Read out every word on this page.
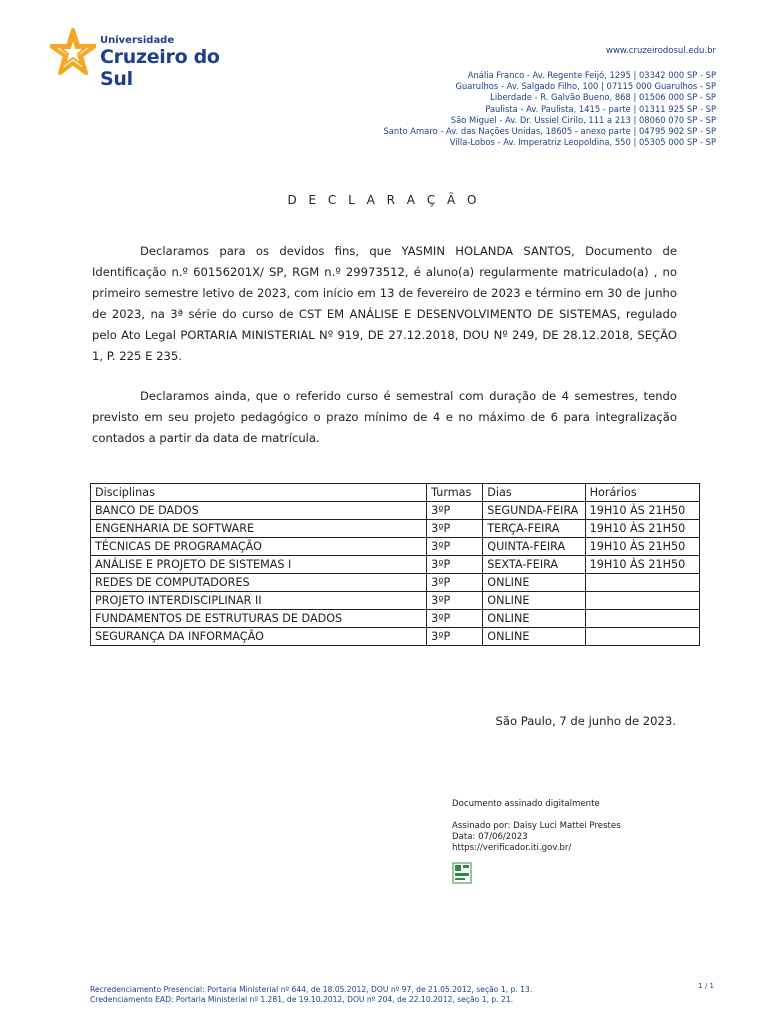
Universidade
Cruzeiro do Sul
www.cruzeirodosul.edu.br
Anália Franco - Av. Regente Feijó, 1295 | 03342 000 SP - SP
Guarulhos - Av. Salgado Filho, 100 | 07115 000 Guarulhos - SP
Liberdade - R. Galvão Bueno, 868 | 01506 000 SP - SP
Paulista - Av. Paulista, 1415 - parte | 01311 925 SP - SP
São Miguel - Av. Dr. Ussiel Cirilo, 111 a 213 | 08060 070 SP - SP
Santo Amaro - Av. das Nações Unidas, 18605 - anexo parte | 04795 902 SP - SP
Villa-Lobos - Av. Imperatriz Leopoldina, 550 | 05305 000 SP - SP
D E C L A R A Ç Ã O
Declaramos para os devidos fins, que YASMIN HOLANDA SANTOS, Documento de Identificação n.º 60156201X/ SP, RGM n.º 29973512, é aluno(a) regularmente matriculado(a) , no primeiro semestre letivo de 2023, com início em 13 de fevereiro de 2023 e término em 30 de junho de 2023, na 3ª série do curso de CST EM ANÁLISE E DESENVOLVIMENTO DE SISTEMAS, regulado pelo Ato Legal PORTARIA MINISTERIAL Nº 919, DE 27.12.2018, DOU Nº 249, DE 28.12.2018, SEÇÃO 1, P. 225 E 235.
Declaramos ainda, que o referido curso é semestral com duração de 4 semestres, tendo previsto em seu projeto pedagógico o prazo mínimo de 4 e no máximo de 6 para integralização contados a partir da data de matrícula.
Disciplinas	Turmas	Dias	Horários
BANCO DE DADOS	3ºP	SEGUNDA-FEIRA	19H10 ÀS 21H50
ENGENHARIA DE SOFTWARE	3ºP	TERÇA-FEIRA	19H10 ÀS 21H50
TÉCNICAS DE PROGRAMAÇÃO	3ºP	QUINTA-FEIRA	19H10 ÀS 21H50
ANÁLISE E PROJETO DE SISTEMAS I	3ºP	SEXTA-FEIRA	19H10 ÀS 21H50
REDES DE COMPUTADORES	3ºP	ONLINE	
PROJETO INTERDISCIPLINAR II	3ºP	ONLINE	
FUNDAMENTOS DE ESTRUTURAS DE DADOS	3ºP	ONLINE	
SEGURANÇA DA INFORMAÇÃO	3ºP	ONLINE	
São Paulo, 7 de junho de 2023.
Documento assinado digitalmente
Assinado por: Daisy Luci Mattei Prestes
Data: 07/06/2023
https://verificador.iti.gov.br/
Recredenciamento Presencial: Portaria Ministerial nº 644, de 18.05.2012, DOU nº 97, de 21.05.2012, seção 1, p. 13.
Credenciamento EAD: Portaria Ministerial nº 1.281, de 19.10.2012, DOU nº 204, de 22.10.2012, seção 1, p. 21.
1 / 1
